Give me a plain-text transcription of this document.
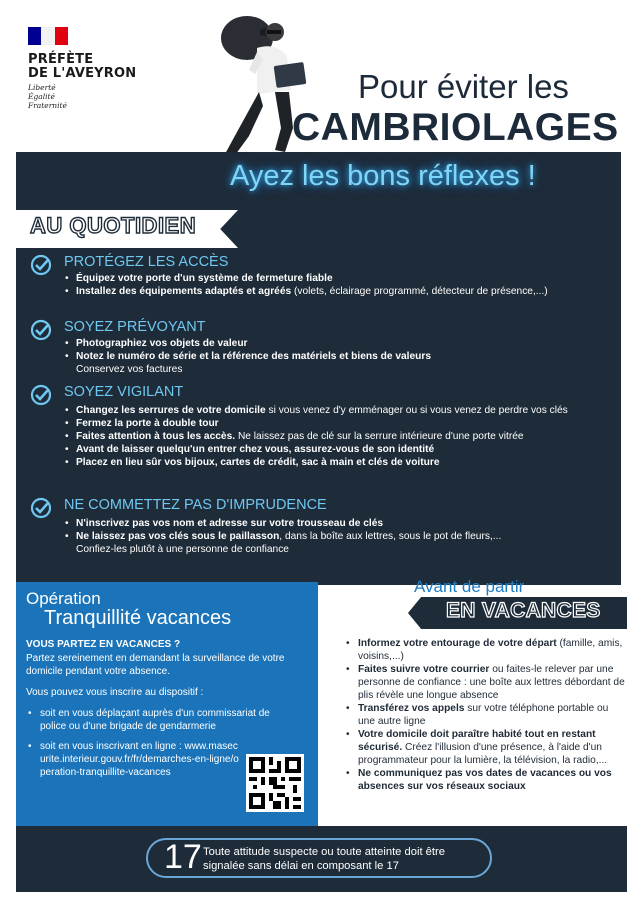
PRÉFÈTE
DE L'AVEYRON
Liberté
Égalité
Fraternité
Pour éviter les
CAMBRIOLAGES
Ayez les bons réflexes !
AU QUOTIDIEN
PROTÉGEZ LES ACCÈS
• Équipez votre porte d'un système de fermeture fiable
• Installez des équipements adaptés et agréés (volets, éclairage programmé, détecteur de présence,...)
SOYEZ PRÉVOYANT
• Photographiez vos objets de valeur
• Notez le numéro de série et la référence des matériels et biens de valeurs
Conservez vos factures
SOYEZ VIGILANT
• Changez les serrures de votre domicile si vous venez d'y emménager ou si vous venez de perdre vos clés
• Fermez la porte à double tour
• Faites attention à tous les accès. Ne laissez pas de clé sur la serrure intérieure d'une porte vitrée
• Avant de laisser quelqu'un entrer chez vous, assurez-vous de son identité
• Placez en lieu sûr vos bijoux, cartes de crédit, sac à main et clés de voiture
NE COMMETTEZ PAS D'IMPRUDENCE
• N'inscrivez pas vos nom et adresse sur votre trousseau de clés
• Ne laissez pas vos clés sous le paillasson, dans la boîte aux lettres, sous le pot de fleurs,...
Confiez-les plutôt à une personne de confiance
Opération
Tranquillité vacances
VOUS PARTEZ EN VACANCES ?

Partez sereinement en demandant la surveillance de votre domicile pendant votre absence.

Vous pouvez vous inscrire au dispositif :

• soit en vous déplaçant auprès d'un commissariat de police ou d'une brigade de gendarmerie
• soit en vous inscrivant en ligne : www.masecurite.interieur.gouv.fr/fr/demarches-en-ligne/operation-tranquillite-vacances
Avant de partir
EN VACANCES
• Informez votre entourage de votre départ (famille, amis, voisins,...)
• Faites suivre votre courrier ou faites-le relever par une personne de confiance : une boîte aux lettres débordant de plis révèle une longue absence
• Transférez vos appels sur votre téléphone portable ou une autre ligne
• Votre domicile doit paraître habité tout en restant sécurisé. Créez l'illusion d'une présence, à l'aide d'un programmateur pour la lumière, la télévision, la radio,...
• Ne communiquez pas vos dates de vacances ou vos absences sur vos réseaux sociaux
17 Toute attitude suspecte ou toute atteinte doit être signalée sans délai en composant le 17
